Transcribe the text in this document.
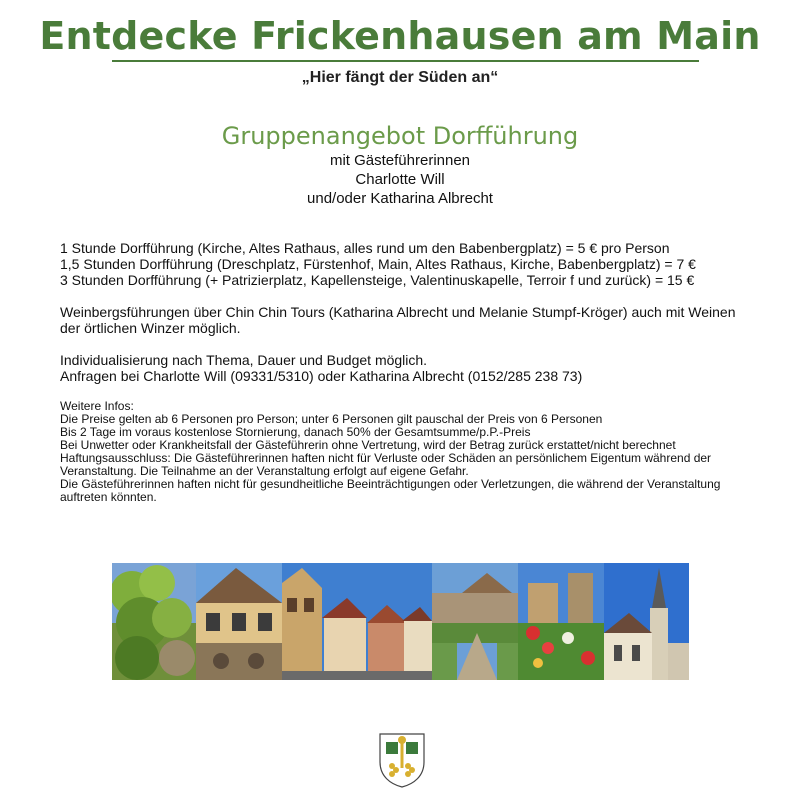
Entdecke Frickenhausen am Main
„Hier fängt der Süden an“
Gruppenangebot Dorfführung
mit Gästeführerinnen
Charlotte Will
und/oder Katharina Albrecht
1 Stunde Dorfführung (Kirche, Altes Rathaus, alles rund um den Babenbergplatz) = 5 € pro Person
1,5 Stunden Dorfführung (Dreschplatz, Fürstenhof, Main, Altes Rathaus, Kirche, Babenbergplatz) = 7 €
3 Stunden Dorfführung (+ Patrizierplatz, Kapellensteige, Valentinuskapelle, Terroir f und zurück) = 15 €
Weinbergsführungen über Chin Chin Tours (Katharina Albrecht und Melanie Stumpf-Kröger) auch mit Weinen
der örtlichen Winzer möglich.
Individualisierung nach Thema, Dauer und Budget möglich.
Anfragen bei Charlotte Will (09331/5310) oder Katharina Albrecht (0152/285 238 73)
Weitere Infos:
Die Preise gelten ab 6 Personen pro Person; unter 6 Personen gilt pauschal der Preis von 6 Personen
Bis 2 Tage im voraus kostenlose Stornierung, danach 50% der Gesamtsumme/p.P.-Preis
Bei Unwetter oder Krankheitsfall der Gästeführerin ohne Vertretung, wird der Betrag zurück erstattet/nicht berechnet
Haftungsausschluss: Die Gästeführerinnen haften nicht für Verluste oder Schäden an persönlichem Eigentum während der
Veranstaltung. Die Teilnahme an der Veranstaltung erfolgt auf eigene Gefahr.
Die Gästeführerinnen haften nicht für gesundheitliche Beeinträchtigungen oder Verletzungen, die während der Veranstaltung
auftreten könnten.
